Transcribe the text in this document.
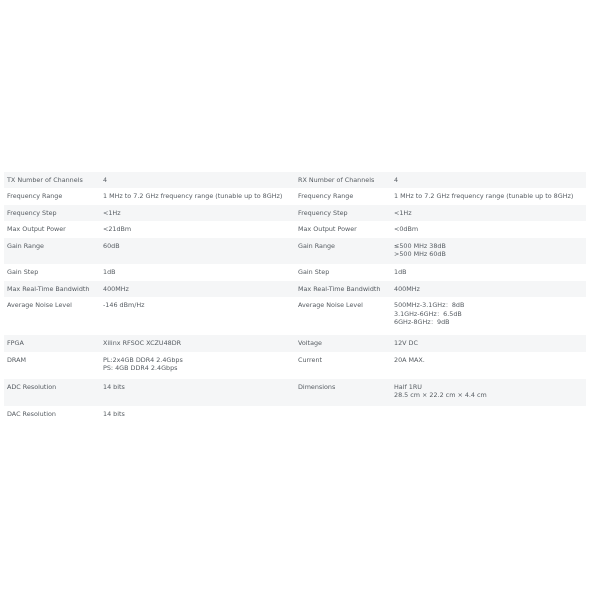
TX Number of Channels	4	RX Number of Channels	4

Frequency Range	1 MHz to 7.2 GHz frequency range (tunable up to 8GHz)	Frequency Range	1 MHz to 7.2 GHz frequency range (tunable up to 8GHz)

Frequency Step	<1Hz	Frequency Step	<1Hz

Max Output Power	<21dBm	Max Output Power	<0dBm

Gain Range	60dB	Gain Range	≤500 MHz 38dB
>500 MHz 60dB

Gain Step	1dB	Gain Step	1dB

Max Real-Time Bandwidth	400MHz	Max Real-Time Bandwidth	400MHz

Average Noise Level	-146 dBm/Hz	Average Noise Level	500MHz-3.1GHz：8dB
3.1GHz-6GHz：6.5dB
6GHz-8GHz：9dB

FPGA	Xilinx RFSOC XCZU48DR	Voltage	12V DC

DRAM	PL:2x4GB DDR4 2.4Gbps
PS: 4GB DDR4 2.4Gbps	Current	20A MAX.

ADC Resolution	14 bits	Dimensions	Half 1RU
28.5 cm × 22.2 cm × 4.4 cm

DAC Resolution	14 bits		
